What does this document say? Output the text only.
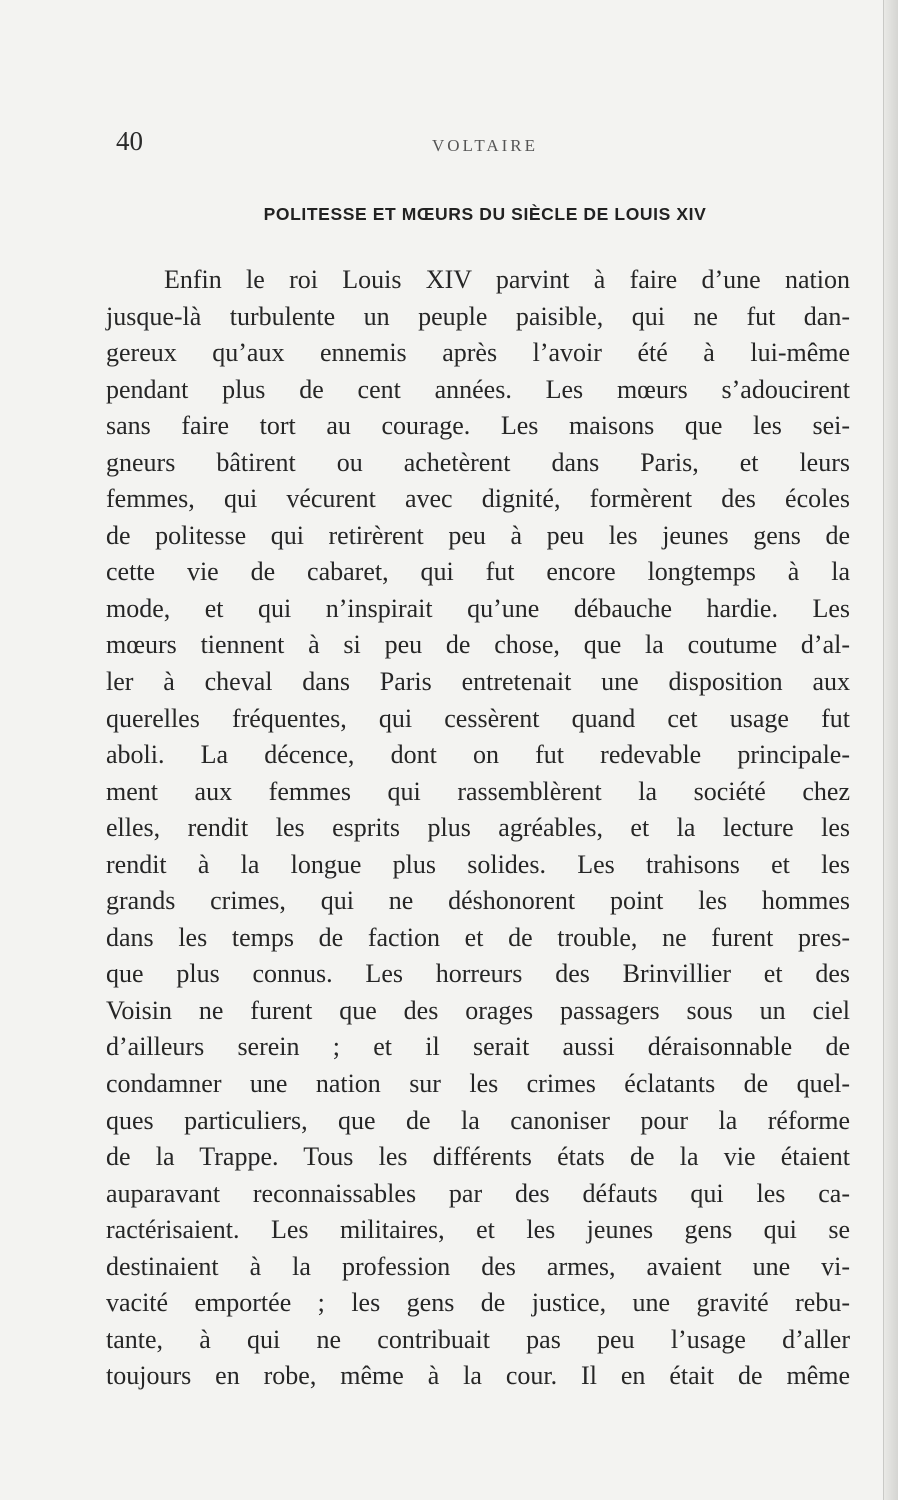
40	VOLTAIRE
POLITESSE ET MŒURS DU SIÈCLE DE LOUIS XIV
Enfin le roi Louis XIV parvint à faire d’une nation
jusque-là turbulente un peuple paisible, qui ne fut dan-
gereux qu’aux ennemis après l’avoir été à lui-même
pendant plus de cent années. Les mœurs s’adoucirent
sans faire tort au courage. Les maisons que les sei-
gneurs bâtirent ou achetèrent dans Paris, et leurs
femmes, qui vécurent avec dignité, formèrent des écoles
de politesse qui retirèrent peu à peu les jeunes gens de
cette vie de cabaret, qui fut encore longtemps à la
mode, et qui n’inspirait qu’une débauche hardie. Les
mœurs tiennent à si peu de chose, que la coutume d’al-
ler à cheval dans Paris entretenait une disposition aux
querelles fréquentes, qui cessèrent quand cet usage fut
aboli. La décence, dont on fut redevable principale-
ment aux femmes qui rassemblèrent la société chez
elles, rendit les esprits plus agréables, et la lecture les
rendit à la longue plus solides. Les trahisons et les
grands crimes, qui ne déshonorent point les hommes
dans les temps de faction et de trouble, ne furent pres-
que plus connus. Les horreurs des Brinvillier et des
Voisin ne furent que des orages passagers sous un ciel
d’ailleurs serein ; et il serait aussi déraisonnable de
condamner une nation sur les crimes éclatants de quel-
ques particuliers, que de la canoniser pour la réforme
de la Trappe. Tous les différents états de la vie étaient
auparavant reconnaissables par des défauts qui les ca-
ractérisaient. Les militaires, et les jeunes gens qui se
destinaient à la profession des armes, avaient une vi-
vacité emportée ; les gens de justice, une gravité rebu-
tante, à qui ne contribuait pas peu l’usage d’aller
toujours en robe, même à la cour. Il en était de même
